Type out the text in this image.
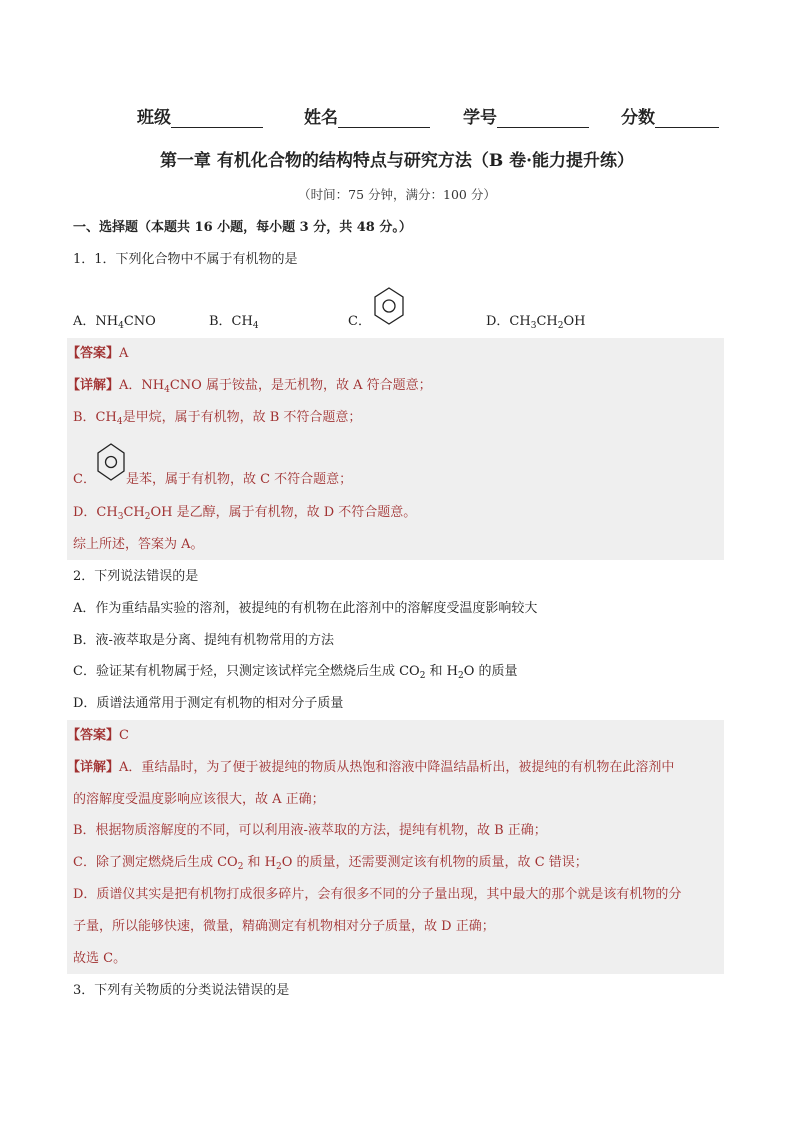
班级	姓名	学号	分数
第一章 有机化合物的结构特点与研究方法（B 卷·能力提升练）
（时间：75 分钟，满分：100 分）
一、选择题（本题共 16 小题，每小题 3 分，共 48 分。）
1．1．下列化合物中不属于有机物的是
A．$NH_4CNO$	B．$CH_4$	C．	D．$CH_3CH_2OH$
【答案】A
【详解】A．$NH_4CNO$ 属于铵盐，是无机物，故 A 符合题意；
B．$CH_4$是甲烷，属于有机物，故 B 不符合题意；
C． 是苯，属于有机物，故 C 不符合题意；
D．$CH_3CH_2OH$ 是乙醇，属于有机物，故 D 不符合题意。
综上所述，答案为 A。
2．下列说法错误的是
A．作为重结晶实验的溶剂，被提纯的有机物在此溶剂中的溶解度受温度影响较大
B．液-液萃取是分离、提纯有机物常用的方法
C．验证某有机物属于烃，只测定该试样完全燃烧后生成 $CO_2$ 和 $H_2O$ 的质量
D．质谱法通常用于测定有机物的相对分子质量
【答案】C
【详解】A．重结晶时，为了便于被提纯的物质从热饱和溶液中降温结晶析出，被提纯的有机物在此溶剂中
的溶解度受温度影响应该很大，故 A 正确；
B．根据物质溶解度的不同，可以利用液-液萃取的方法，提纯有机物，故 B 正确；
C．除了测定燃烧后生成 $CO_2$ 和 $H_2O$ 的质量，还需要测定该有机物的质量，故 C 错误；
D．质谱仪其实是把有机物打成很多碎片，会有很多不同的分子量出现，其中最大的那个就是该有机物的分
子量，所以能够快速，微量，精确测定有机物相对分子质量，故 D 正确；
故选 C。
3．下列有关物质的分类说法错误的是
